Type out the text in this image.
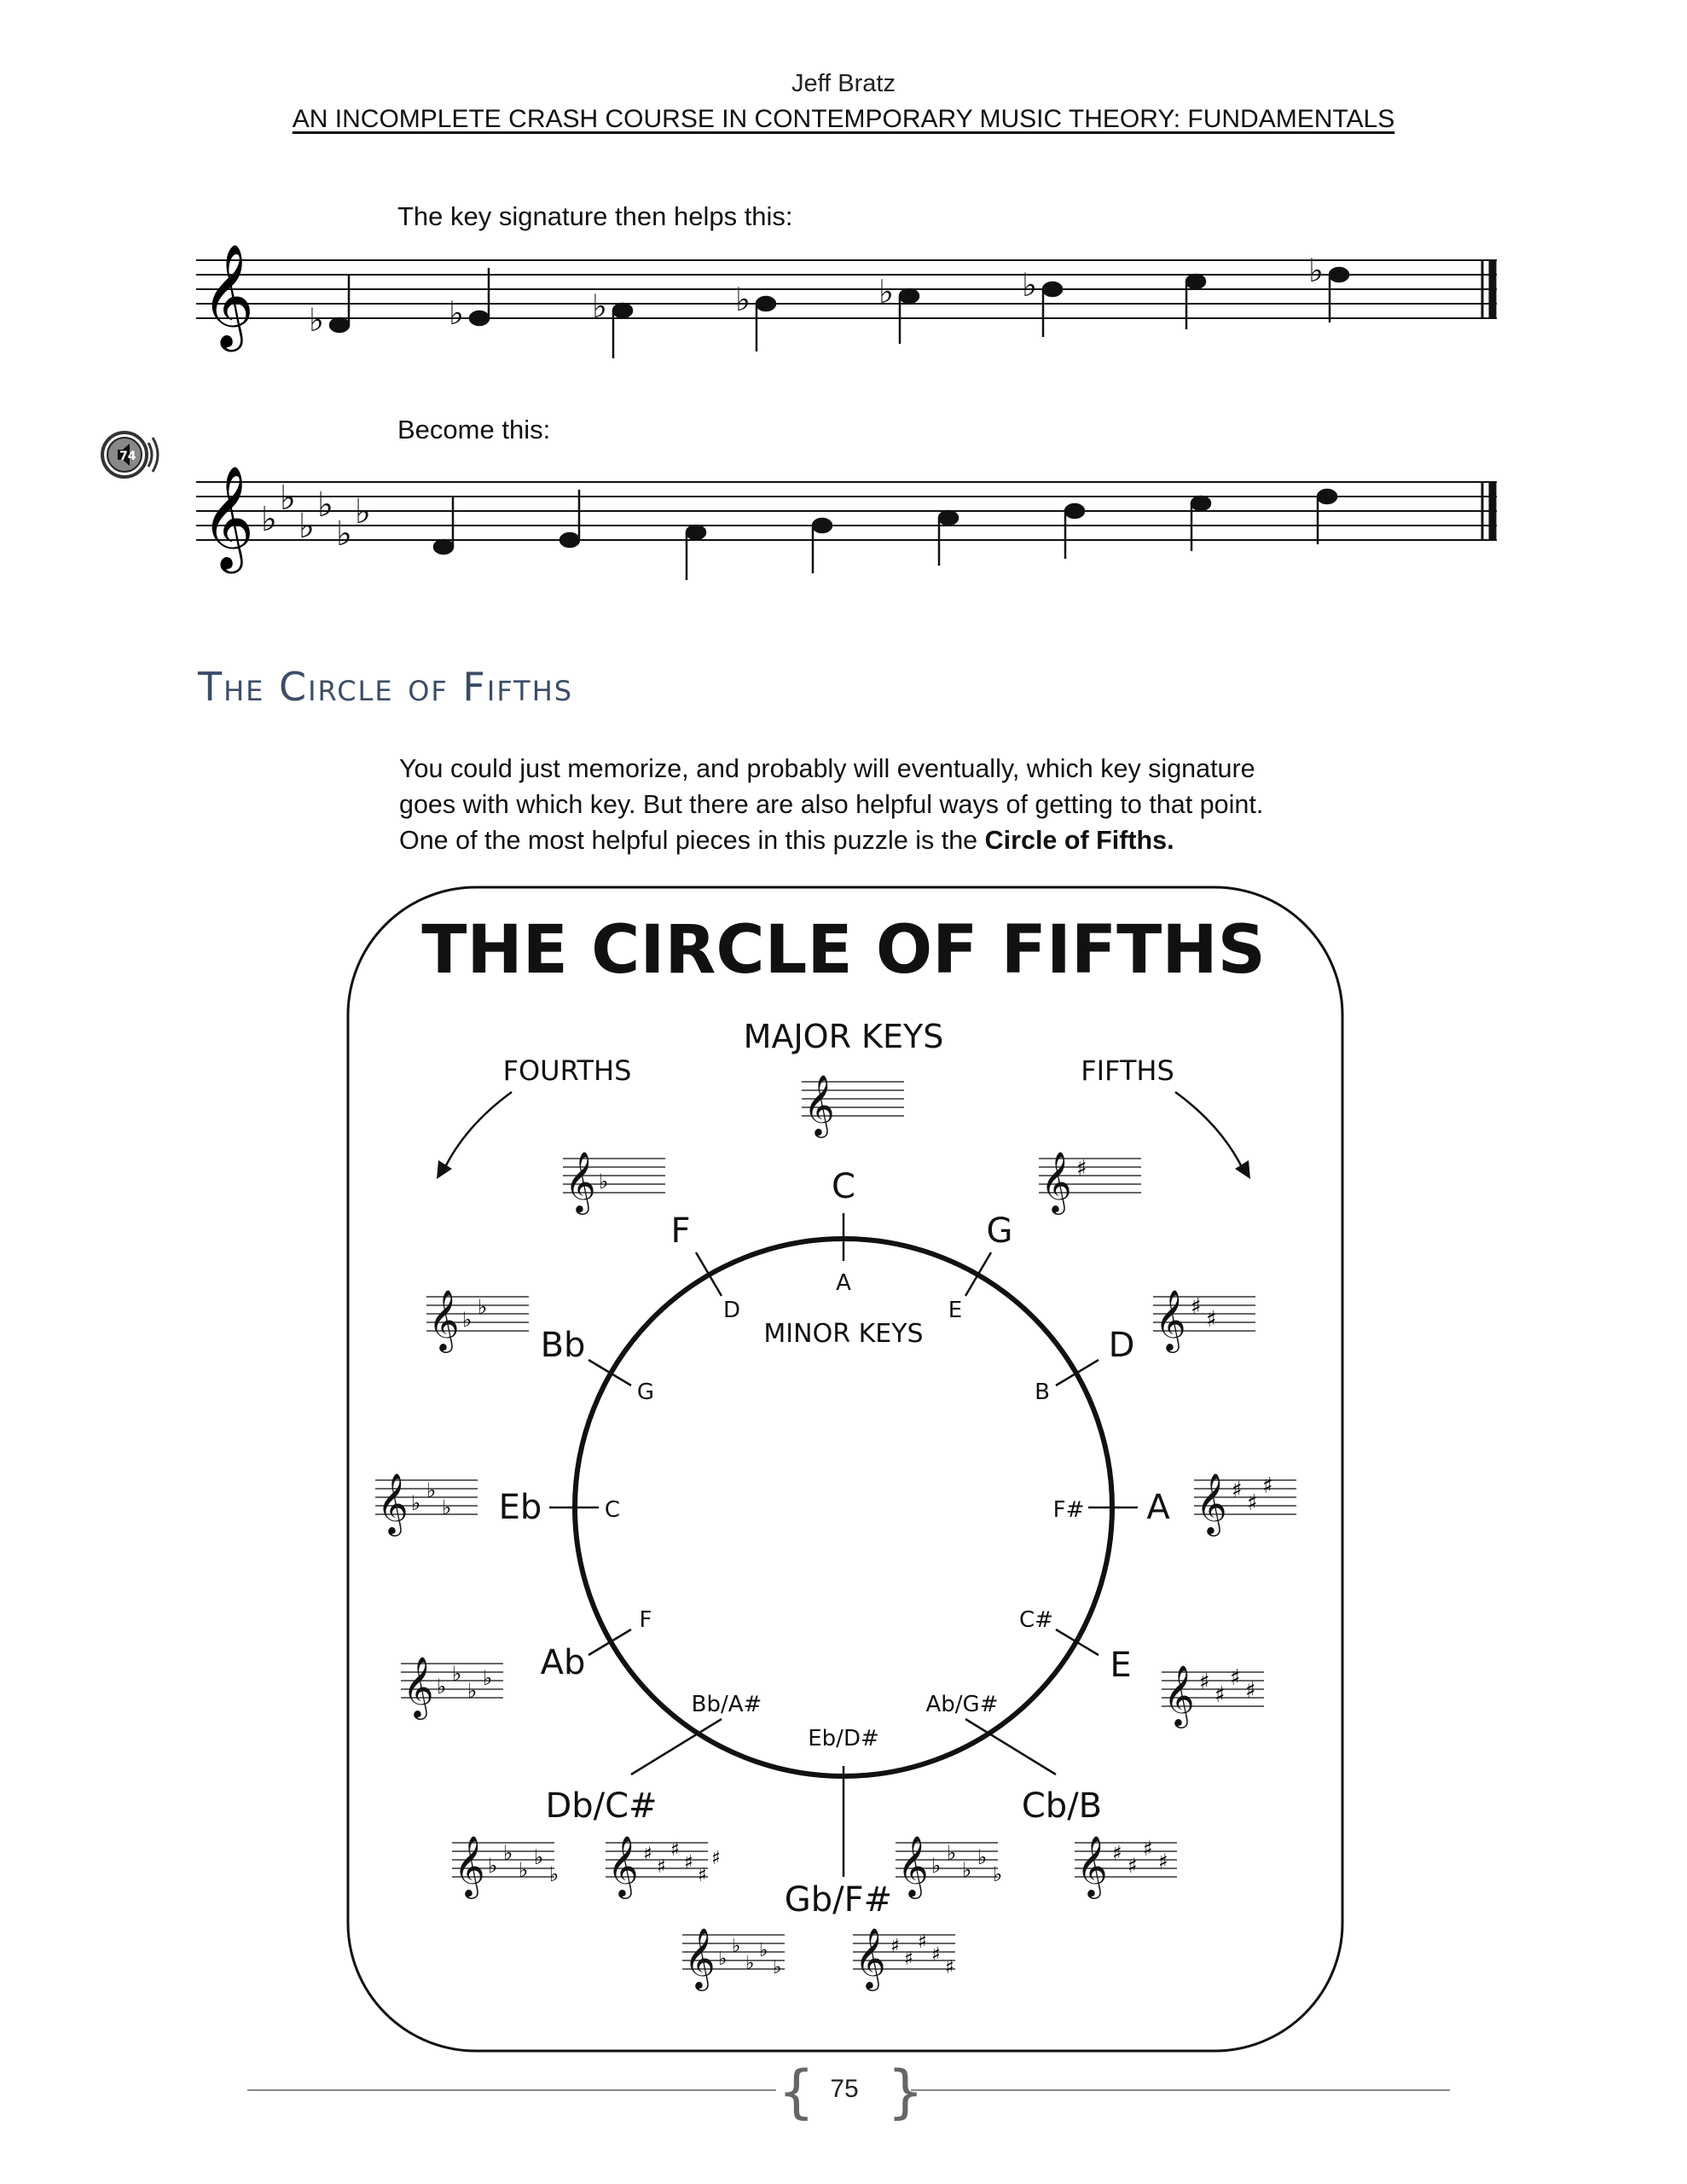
Jeff Bratz
AN INCOMPLETE CRASH COURSE IN CONTEMPORARY MUSIC THEORY: FUNDAMENTALS
The key signature then helps this:
𝄞 ♭	♭	♭	♭	♭	♭	♭
Become this:
74
𝄞 ♭
♭
♭
♭
♭
♭
The Circle of Fifths
You could just memorize, and probably will eventually, which key signature
goes with which key. But there are also helpful ways of getting to that point.
One of the most helpful pieces in this puzzle is the Circle of Fifths.
𝄞
THE CIRCLE OF FIFTHS
MAJOR KEYS
FOURTHS	FIFTHS
MINOR KEYS
C
G
D
A
E
Cb/B
Gb/F#
Db/C#
Ab
Eb
Bb
F
A
E
B
F#
C#
Ab/G#
Eb/D#
Bb/A#
F
C
G
D
♯
♯ ♯
♯ ♯
♯
♯ ♯
♯ ♯
♭
♭
♭
♭
♭
♯
♯
♯
♯
♭
♭
♭
♭
♭
♯
♯
♯
♯
♯
♯
♭
♭
♭
♭
♭
♯
♯
♯
♯
♯
♭
♭
♭
♭
♭
♭
♭
♭
♭
♭
{ }
75
